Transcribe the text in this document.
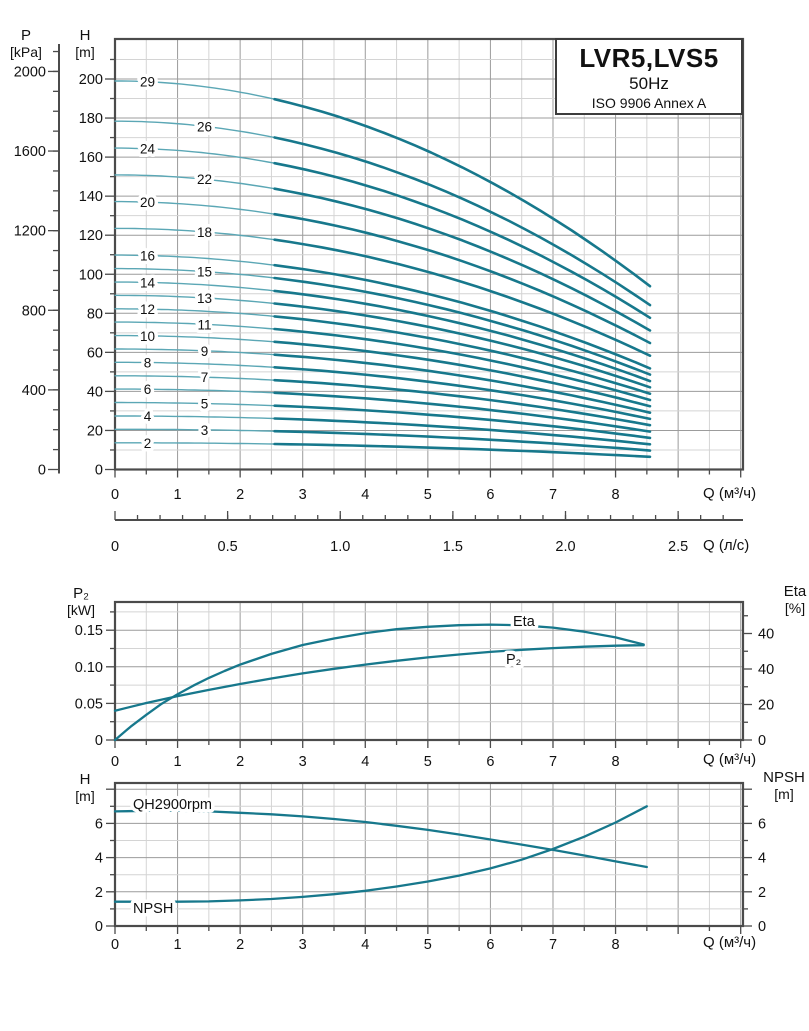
0
20
40
60
80
100
120
140
160
180
200
0	1	2	3	4	5	6	7	8
0
400
800
1200
1600
2000
0	0.5	1.0	1.5	2.0	2.5
2
3
4
5
6
7
8
9
10
11
12
13
14
15
16
18
20
22
24
26
29
0
0.05
0.10
0.15	40
40
20
0
0	1	2	3	4	5	6	7	8
Eta
P₂
0
2
4
6
0
2
4
6
0	1	2	3	4	5	6	7	8
QH2900rpm
NPSH
LVR5,LVS5
50Hz
ISO 9906 Annex A
P
[kPa]
H
[m]
Q (м³/ч)
Q (л/с)
P₂
[kW]
Eta
[%]
Q (м³/ч)
H
[m]
NPSH
[m]
Q (м³/ч)
